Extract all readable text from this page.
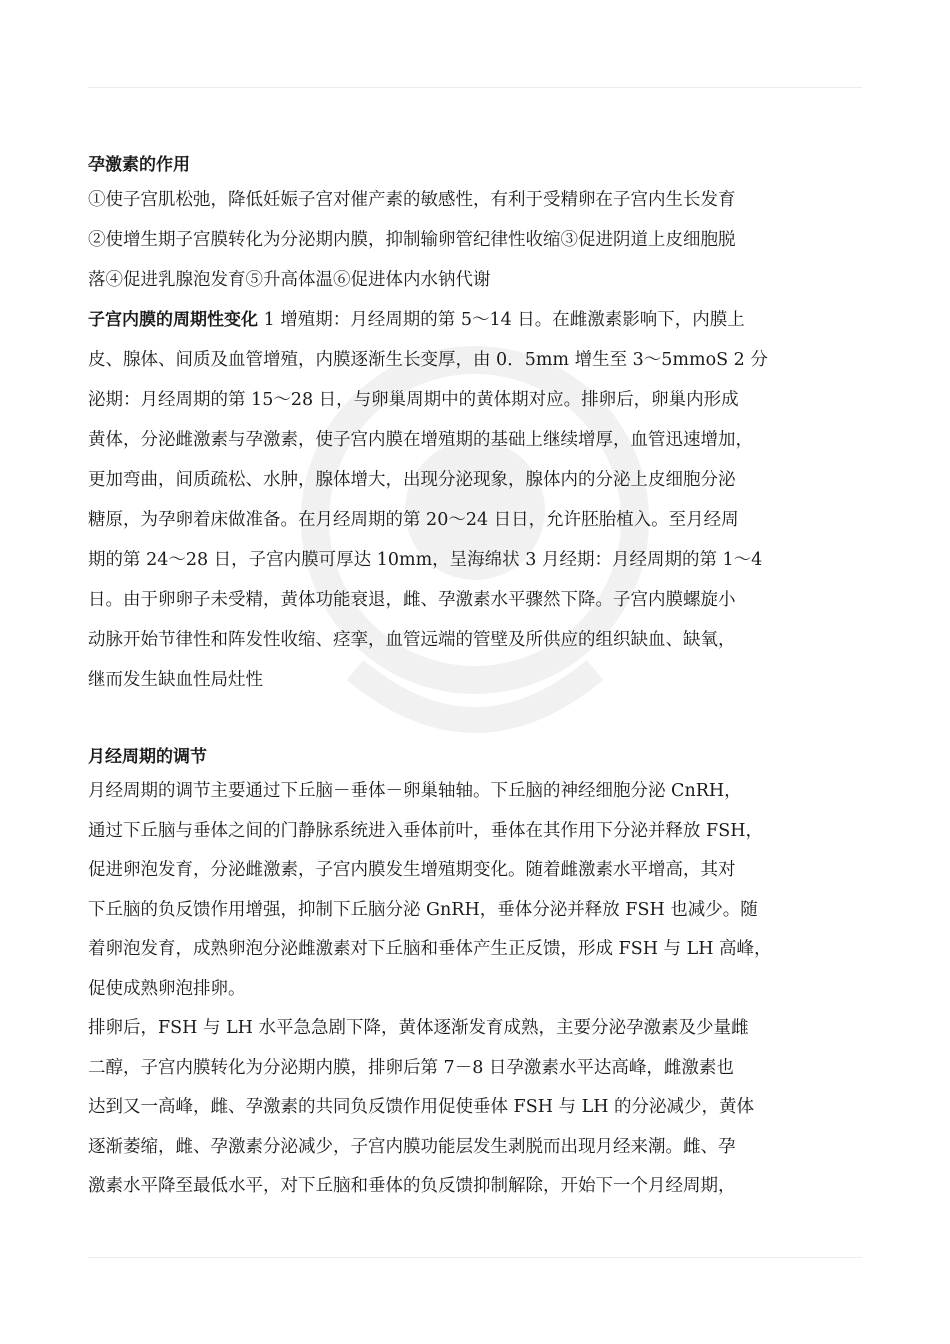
孕激素的作用

①使子宫肌松弛，降低妊娠子宫对催产素的敏感性，有利于受精卵在子宫内生长发育
②使增生期子宫膜转化为分泌期内膜，抑制输卵管纪律性收缩③促进阴道上皮细胞脱
落④促进乳腺泡发育⑤升高体温⑥促进体内水钠代谢

子宫内膜的周期性变化 1 增殖期：月经周期的第 5～14 日。在雌激素影响下，内膜上
皮、腺体、间质及血管增殖，内膜逐渐生长变厚，由 0．5mm 增生至 3～5mmoS 2 分
泌期：月经周期的第 15～28 日，与卵巢周期中的黄体期对应。排卵后，卵巢内形成
黄体，分泌雌激素与孕激素，使子宫内膜在增殖期的基础上继续增厚，血管迅速增加，
更加弯曲，间质疏松、水肿，腺体增大，出现分泌现象，腺体内的分泌上皮细胞分泌
糖原，为孕卵着床做准备。在月经周期的第 20～24 日日，允许胚胎植入。至月经周
期的第 24～28 日，子宫内膜可厚达 10mm，呈海绵状 3 月经期：月经周期的第 1～4
日。由于卵卵子未受精，黄体功能衰退，雌、孕激素水平骤然下降。子宫内膜螺旋小
动脉开始节律性和阵发性收缩、痉挛，血管远端的管壁及所供应的组织缺血、缺氧，
继而发生缺血性局灶性

月经周期的调节

月经周期的调节主要通过下丘脑－垂体－卵巢轴轴。下丘脑的神经细胞分泌 CnRH，
通过下丘脑与垂体之间的门静脉系统进入垂体前叶，垂体在其作用下分泌并释放 FSH，
促进卵泡发育，分泌雌激素，子宫内膜发生增殖期变化。随着雌激素水平增高，其对
下丘脑的负反馈作用增强，抑制下丘脑分泌 GnRH，垂体分泌并释放 FSH 也减少。随
着卵泡发育，成熟卵泡分泌雌激素对下丘脑和垂体产生正反馈，形成 FSH 与 LH 高峰，
促使成熟卵泡排卵。

排卵后，FSH 与 LH 水平急急剧下降，黄体逐渐发育成熟，主要分泌孕激素及少量雌
二醇，子宫内膜转化为分泌期内膜，排卵后第 7－8 日孕激素水平达高峰，雌激素也
达到又一高峰，雌、孕激素的共同负反馈作用促使垂体 FSH 与 LH 的分泌减少，黄体
逐渐萎缩，雌、孕激素分泌减少，子宫内膜功能层发生剥脱而出现月经来潮。雌、孕
激素水平降至最低水平，对下丘脑和垂体的负反馈抑制解除，开始下一个月经周期，
